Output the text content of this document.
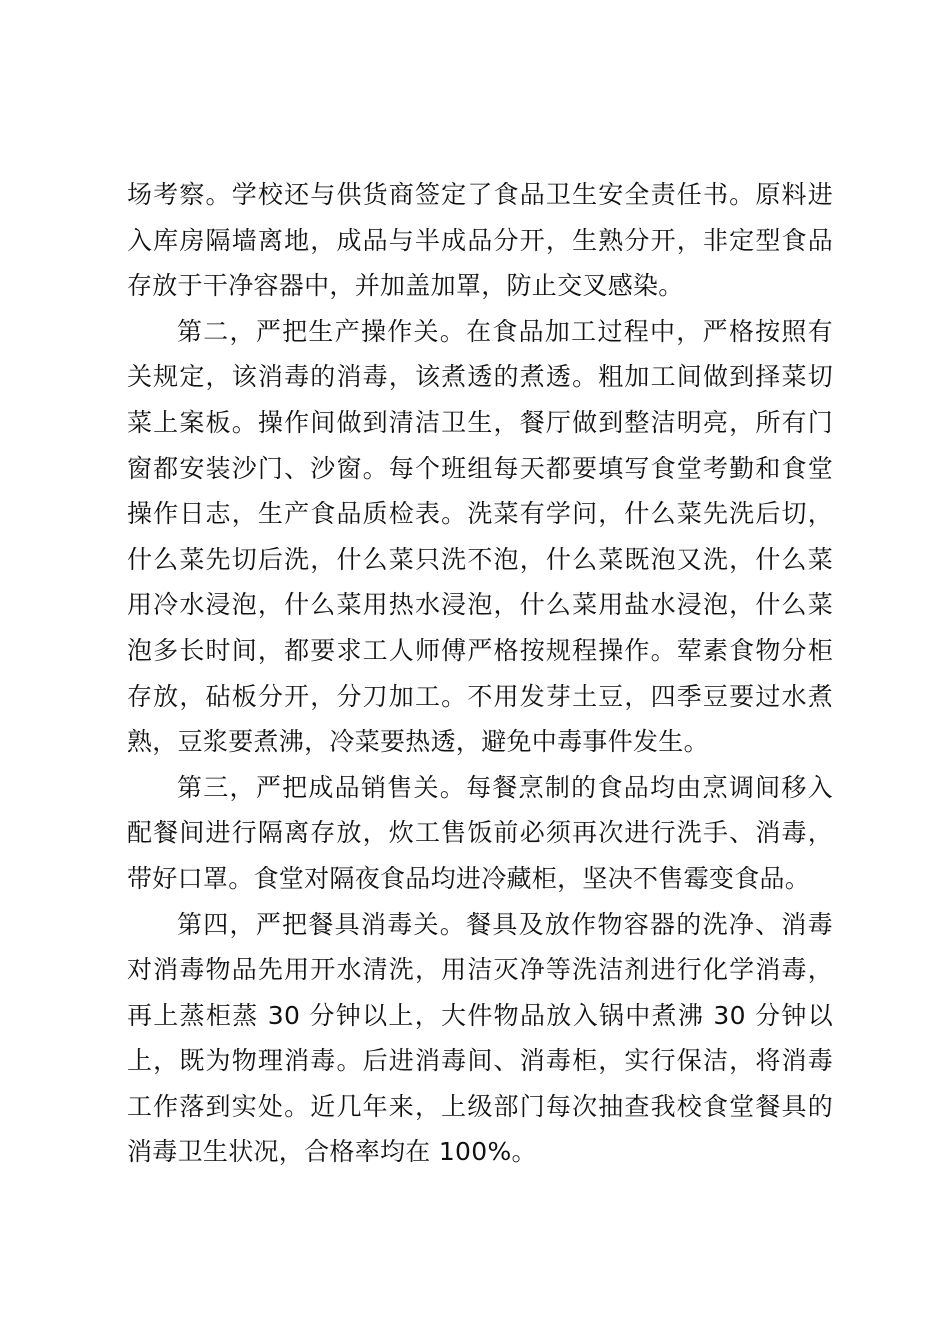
场考察。学校还与供货商签定了食品卫生安全责任书。原料进入库房隔墙离地，成品与半成品分开，生熟分开，非定型食品存放于干净容器中，并加盖加罩，防止交叉感染。

第二，严把生产操作关。在食品加工过程中，严格按照有关规定，该消毒的消毒，该煮透的煮透。粗加工间做到择菜切菜上案板。操作间做到清洁卫生，餐厅做到整洁明亮，所有门窗都安装沙门、沙窗。每个班组每天都要填写食堂考勤和食堂操作日志，生产食品质检表。洗菜有学问，什么菜先洗后切，什么菜先切后洗，什么菜只洗不泡，什么菜既泡又洗，什么菜用冷水浸泡，什么菜用热水浸泡，什么菜用盐水浸泡，什么菜泡多长时间，都要求工人师傅严格按规程操作。荤素食物分柜存放，砧板分开，分刀加工。不用发芽土豆，四季豆要过水煮熟，豆浆要煮沸，冷菜要热透，避免中毒事件发生。

第三，严把成品销售关。每餐烹制的食品均由烹调间移入配餐间进行隔离存放，炊工售饭前必须再次进行洗手、消毒，带好口罩。食堂对隔夜食品均进冷藏柜，坚决不售霉变食品。

第四，严把餐具消毒关。餐具及放作物容器的洗净、消毒对消毒物品先用开水清洗，用洁灭净等洗洁剂进行化学消毒，再上蒸柜蒸 30 分钟以上，大件物品放入锅中煮沸 30 分钟以上，既为物理消毒。后进消毒间、消毒柜，实行保洁，将消毒工作落到实处。近几年来，上级部门每次抽查我校食堂餐具的消毒卫生状况，合格率均在 100%。
